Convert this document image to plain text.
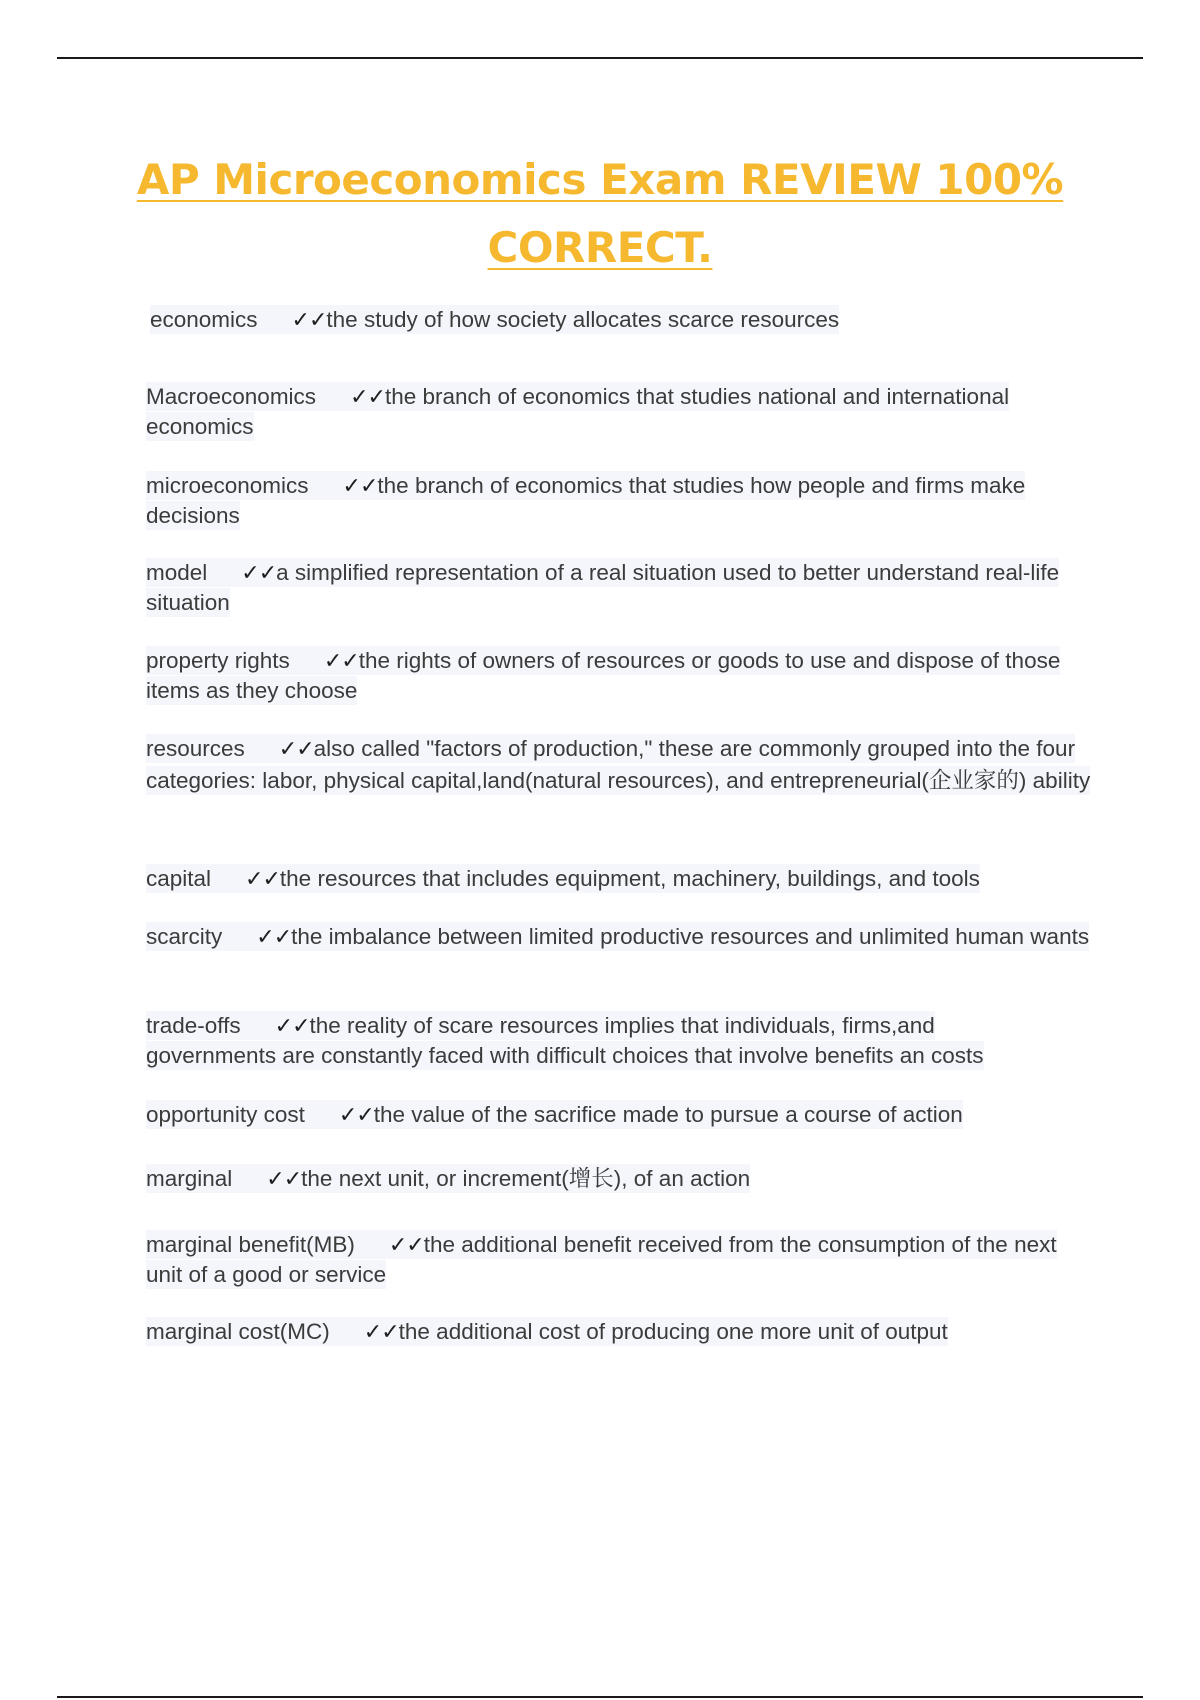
AP Microeconomics Exam REVIEW 100% CORRECT.
economics ✓✓the study of how society allocates scarce resources
Macroeconomics ✓✓the branch of economics that studies national and international economics
microeconomics ✓✓the branch of economics that studies how people and firms make decisions
model ✓✓a simplified representation of a real situation used to better understand real-life situation
property rights ✓✓the rights of owners of resources or goods to use and dispose of those items as they choose
resources ✓✓also called "factors of production," these are commonly grouped into the four categories: labor, physical capital,land(natural resources), and entrepreneurial(企业家的) ability
capital ✓✓the resources that includes equipment, machinery, buildings, and tools
scarcity ✓✓the imbalance between limited productive resources and unlimited human wants
trade-offs ✓✓the reality of scare resources implies that individuals, firms,and governments are constantly faced with difficult choices that involve benefits an costs
opportunity cost ✓✓the value of the sacrifice made to pursue a course of action
marginal ✓✓the next unit, or increment(增长), of an action
marginal benefit(MB) ✓✓the additional benefit received from the consumption of the next unit of a good or service
marginal cost(MC) ✓✓the additional cost of producing one more unit of output
